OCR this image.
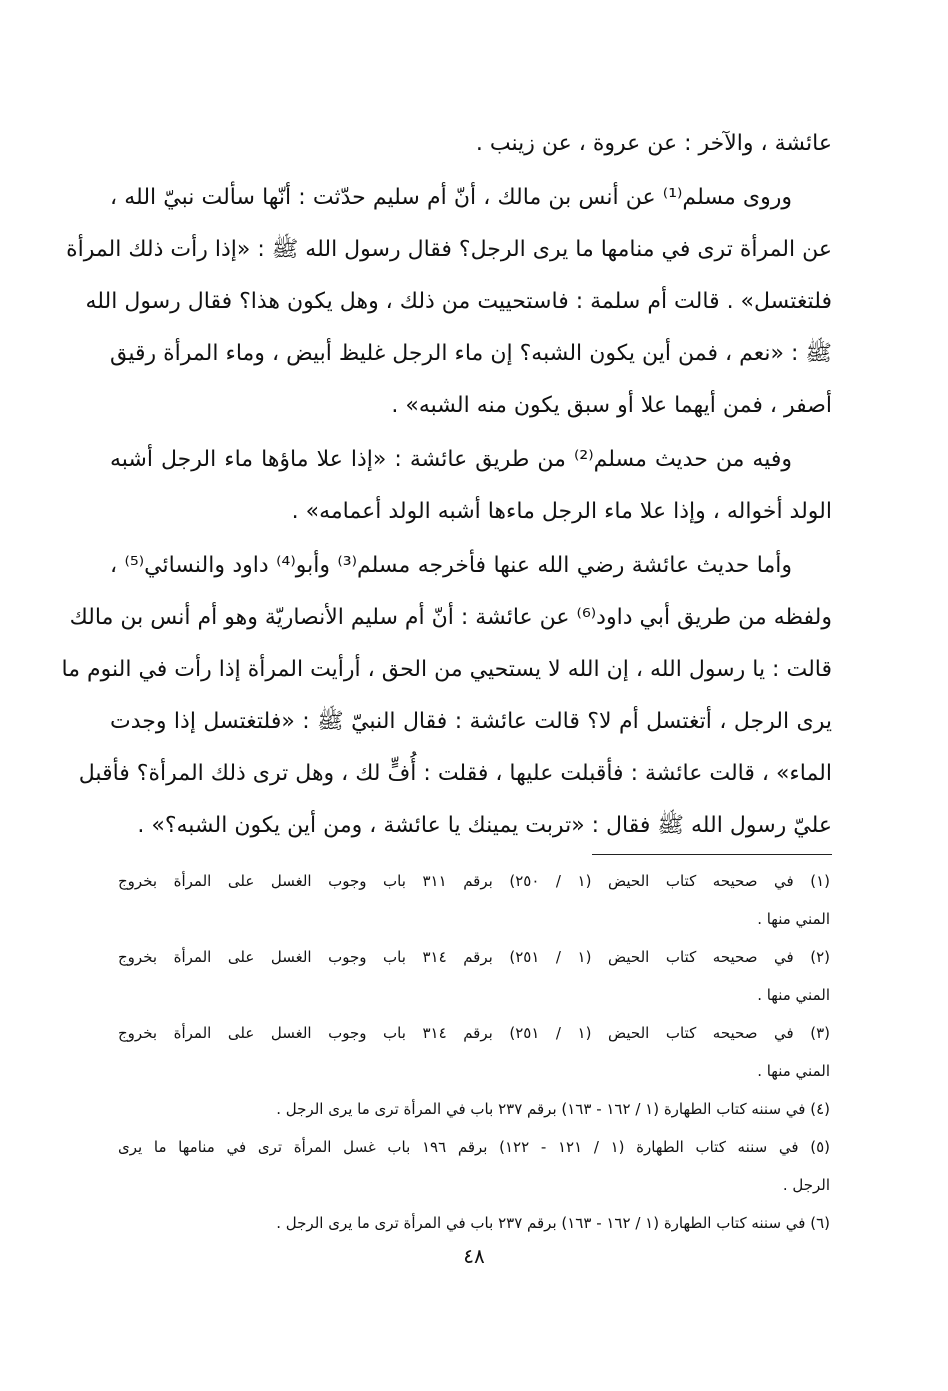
عائشة ، والآخر : عن عروة ، عن زينب .

وروى مسلم⁽¹⁾ عن أنس بن مالك ، أنّ أم سليم حدّثت : أنّها سألت نبيّ الله ،
عن المرأة ترى في منامها ما يرى الرجل؟ فقال رسول الله ﷺ : «إذا رأت ذلك المرأة
فلتغتسل» . قالت أم سلمة : فاستحييت من ذلك ، وهل يكون هذا؟ فقال رسول الله
ﷺ : «نعم ، فمن أين يكون الشبه؟ إن ماء الرجل غليظ أبيض ، وماء المرأة رقيق
أصفر ، فمن أيهما علا أو سبق يكون منه الشبه» .

وفيه من حديث مسلم⁽²⁾ من طريق عائشة : «إذا علا ماؤها ماء الرجل أشبه
الولد أخواله ، وإذا علا ماء الرجل ماءها أشبه الولد أعمامه» .

وأما حديث عائشة رضي الله عنها فأخرجه مسلم⁽³⁾ وأبو⁽⁴⁾ داود والنسائي⁽⁵⁾ ،
ولفظه من طريق أبي داود⁽⁶⁾ عن عائشة : أنّ أم سليم الأنصاريّة وهو أم أنس بن مالك
قالت : يا رسول الله ، إن الله لا يستحيي من الحق ، أرأيت المرأة إذا رأت في النوم ما
يرى الرجل ، أتغتسل أم لا؟ قالت عائشة : فقال النبيّ ﷺ : «فلتغتسل إذا وجدت
الماء» ، قالت عائشة : فأقبلت عليها ، فقلت : أُفٍّ لك ، وهل ترى ذلك المرأة؟ فأقبل
عليّ رسول الله ﷺ فقال : «تربت يمينك يا عائشة ، ومن أين يكون الشبه؟» .

(١) في صحيحه كتاب الحيض (١ / ٢٥٠) برقم ٣١١ باب وجوب الغسل على المرأة بخروج
المني منها .
(٢) في صحيحه كتاب الحيض (١ / ٢٥١) برقم ٣١٤ باب وجوب الغسل على المرأة بخروج
المني منها .
(٣) في صحيحه كتاب الحيض (١ / ٢٥١) برقم ٣١٤ باب وجوب الغسل على المرأة بخروج
المني منها .
(٤) في سننه كتاب الطهارة (١ / ١٦٢ - ١٦٣) برقم ٢٣٧ باب في المرأة ترى ما يرى الرجل .
(٥) في سننه كتاب الطهارة (١ / ١٢١ - ١٢٢) برقم ١٩٦ باب غسل المرأة ترى في منامها ما يرى
الرجل .
(٦) في سننه كتاب الطهارة (١ / ١٦٢ - ١٦٣) برقم ٢٣٧ باب في المرأة ترى ما يرى الرجل .
٤٨
